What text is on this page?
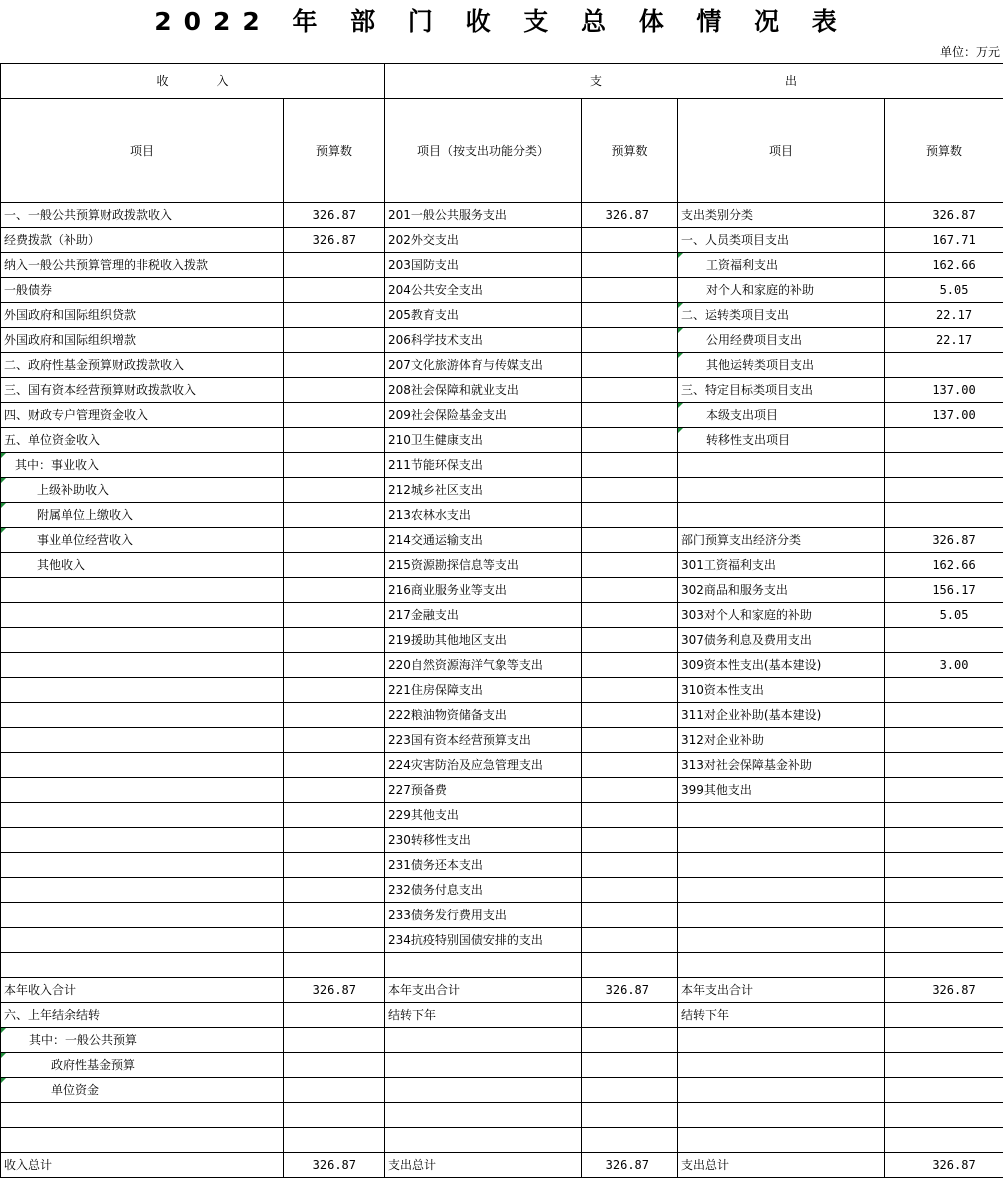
2022 年 部 门 收 支 总 体 情 况 表
单位：万元
收　　　　入		支 出			

项目	预算数	项目（按支出功能分类）	预算数	项目	预算数
一、一般公共预算财政拨款收入	326.87	201一般公共服务支出	326.87	支出类别分类	326.87
经费拨款（补助）	326.87	202外交支出		一、人员类项目支出	167.71
纳入一般公共预算管理的非税收入拨款		203国防支出		工资福利支出	162.66
一般债券		204公共安全支出		对个人和家庭的补助	5.05
外国政府和国际组织贷款		205教育支出		二、运转类项目支出	22.17
外国政府和国际组织增款		206科学技术支出		公用经费项目支出	22.17
二、政府性基金预算财政拨款收入		207文化旅游体育与传媒支出		其他运转类项目支出	
三、国有资本经营预算财政拨款收入		208社会保障和就业支出		三、特定目标类项目支出	137.00
四、财政专户管理资金收入		209社会保险基金支出		本级支出项目	137.00
五、单位资金收入		210卫生健康支出		转移性支出项目	
其中：事业收入		211节能环保支出			
上级补助收入		212城乡社区支出			
附属单位上缴收入		213农林水支出			
事业单位经营收入		214交通运输支出		部门预算支出经济分类	326.87
其他收入		215资源勘探信息等支出		301工资福利支出	162.66
		216商业服务业等支出		302商品和服务支出	156.17
		217金融支出		303对个人和家庭的补助	5.05
		219援助其他地区支出		307债务利息及费用支出	
		220自然资源海洋气象等支出		309资本性支出(基本建设)	3.00
		221住房保障支出		310资本性支出	
		222粮油物资储备支出		311对企业补助(基本建设)	
		223国有资本经营预算支出		312对企业补助	
		224灾害防治及应急管理支出		313对社会保障基金补助	
		227预备费		399其他支出	
		229其他支出			
		230转移性支出			
		231债务还本支出			
		232债务付息支出			
		233债务发行费用支出			
		234抗疫特别国债安排的支出			

本年收入合计	326.87	本年支出合计	326.87	本年支出合计	326.87
六、上年结余结转		结转下年		结转下年	
其中：一般公共预算					
政府性基金预算					
单位资金					

收入总计	326.87	支出总计	326.87	支出总计	326.87
